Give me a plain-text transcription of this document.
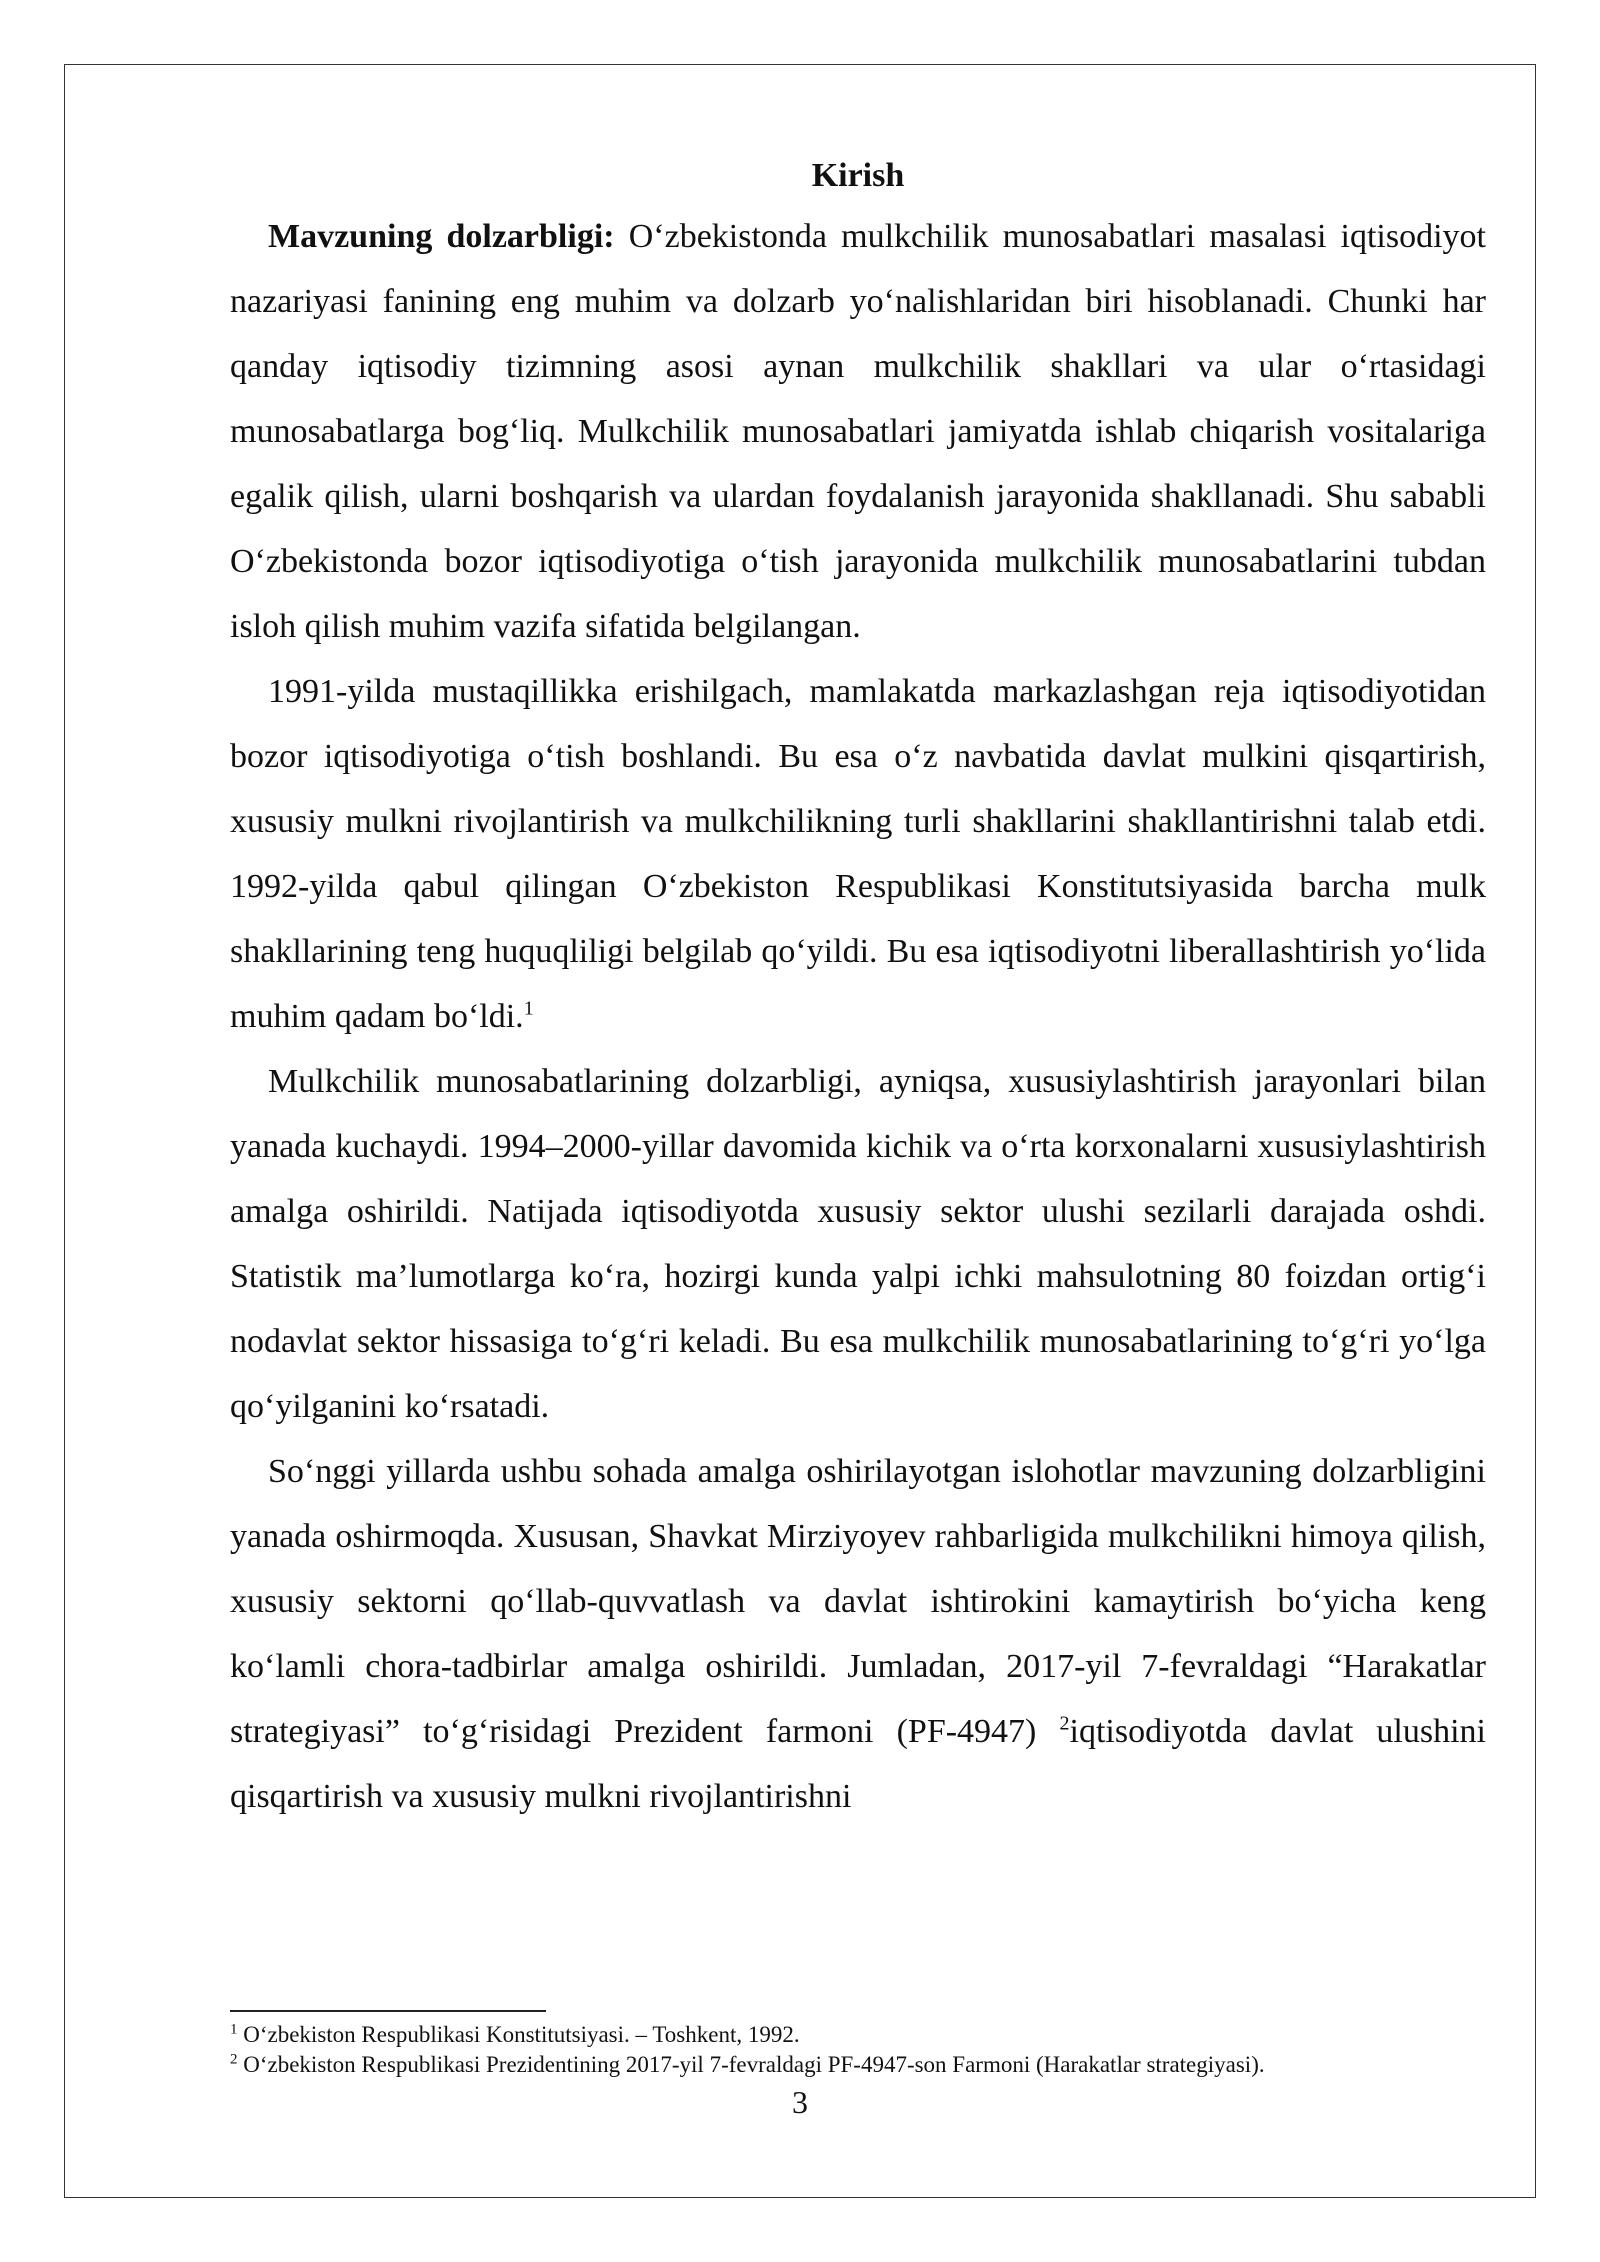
Kirish

Mavzuning dolzarbligi: O‘zbekistonda mulkchilik munosabatlari masalasi iqtisodiyot nazariyasi fanining eng muhim va dolzarb yo‘nalishlaridan biri hisoblanadi. Chunki har qanday iqtisodiy tizimning asosi aynan mulkchilik shakllari va ular o‘rtasidagi munosabatlarga bog‘liq. Mulkchilik munosabatlari jamiyatda ishlab chiqarish vositalariga egalik qilish, ularni boshqarish va ulardan foydalanish jarayonida shakllanadi. Shu sababli O‘zbekistonda bozor iqtisodiyotiga o‘tish jarayonida mulkchilik munosabatlarini tubdan isloh qilish muhim vazifa sifatida belgilangan.

1991-yilda mustaqillikka erishilgach, mamlakatda markazlashgan reja iqtisodiyotidan bozor iqtisodiyotiga o‘tish boshlandi. Bu esa o‘z navbatida davlat mulkini qisqartirish, xususiy mulkni rivojlantirish va mulkchilikning turli shakllarini shakllantirishni talab etdi. 1992-yilda qabul qilingan O‘zbekiston Respublikasi Konstitutsiyasida barcha mulk shakllarining teng huquqliligi belgilab qo‘yildi. Bu esa iqtisodiyotni liberallashtirish yo‘lida muhim qadam bo‘ldi.$^1$

Mulkchilik munosabatlarining dolzarbligi, ayniqsa, xususiylashtirish jarayonlari bilan yanada kuchaydi. 1994–2000-yillar davomida kichik va o‘rta korxonalarni xususiylashtirish amalga oshirildi. Natijada iqtisodiyotda xususiy sektor ulushi sezilarli darajada oshdi. Statistik ma’lumotlarga ko‘ra, hozirgi kunda yalpi ichki mahsulotning 80 foizdan ortig‘i nodavlat sektor hissasiga to‘g‘ri keladi. Bu esa mulkchilik munosabatlarining to‘g‘ri yo‘lga qo‘yilganini ko‘rsatadi.

So‘nggi yillarda ushbu sohada amalga oshirilayotgan islohotlar mavzuning dolzarbligini yanada oshirmoqda. Xususan, Shavkat Mirziyoyev rahbarligida mulkchilikni himoya qilish, xususiy sektorni qo‘llab-quvvatlash va davlat ishtirokini kamaytirish bo‘yicha keng ko‘lamli chora-tadbirlar amalga oshirildi. Jumladan, 2017-yil 7-fevraldagi “Harakatlar strategiyasi” to‘g‘risidagi Prezident farmoni (PF-4947) $^2$iqtisodiyotda davlat ulushini qisqartirish va xususiy mulkni rivojlantirishni

$^1$ O‘zbekiston Respublikasi Konstitutsiyasi. – Toshkent, 1992.

$^2$ O‘zbekiston Respublikasi Prezidentining 2017-yil 7-fevraldagi PF-4947-son Farmoni (Harakatlar strategiyasi).

3
